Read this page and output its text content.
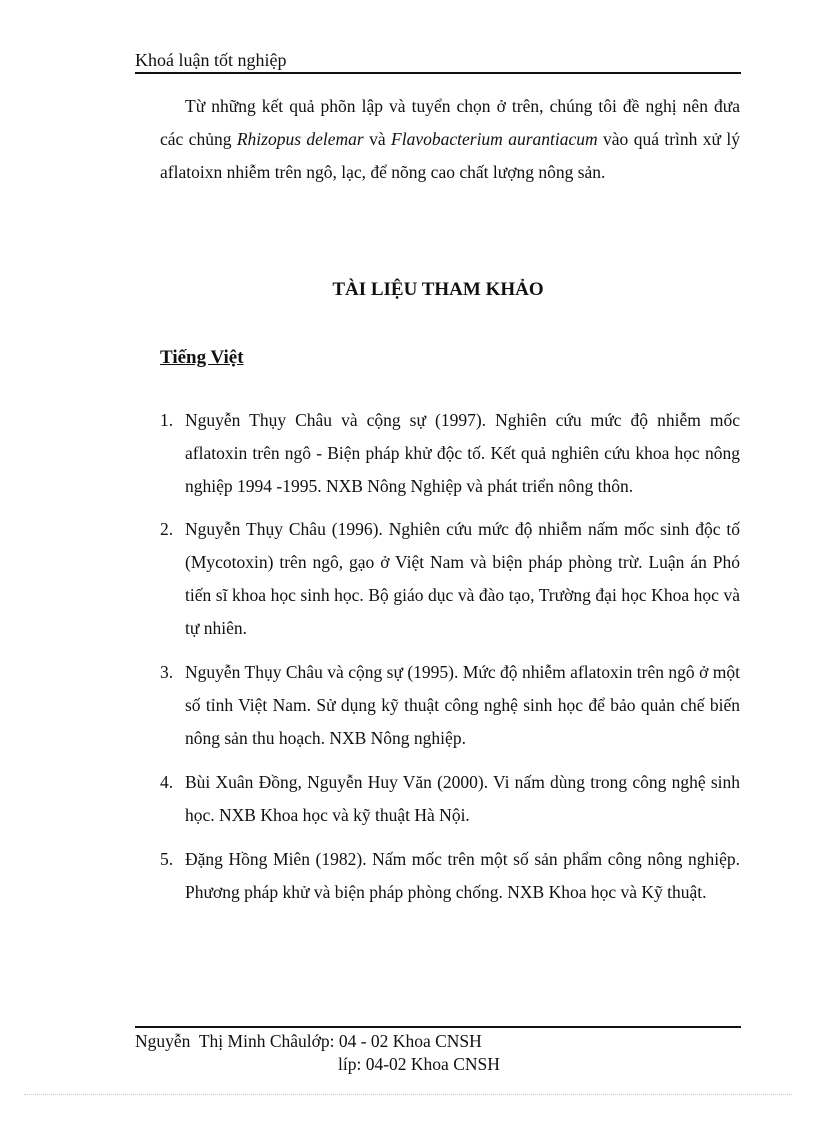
Khoá luận tốt nghiệp
Từ những kết quả phõn lập và tuyển chọn ở trên, chúng tôi đề nghị nên đưa các chủng Rhizopus delemar và Flavobacterium aurantiacum vào quá trình xử lý aflatoixn nhiễm trên ngô, lạc, để nõng cao chất lượng nông sản.
TÀI LIỆU THAM KHẢO
Tiếng Việt
1. Nguyễn Thụy Châu và cộng sự (1997). Nghiên cứu mức độ nhiễm mốc aflatoxin trên ngô - Biện pháp khử độc tố. Kết quả nghiên cứu khoa học nông nghiệp 1994 -1995. NXB Nông Nghiệp và phát triển nông thôn.
2. Nguyễn Thụy Châu (1996). Nghiên cứu mức độ nhiễm nấm mốc sinh độc tố (Mycotoxin) trên ngô, gạo ở Việt Nam và biện pháp phòng trừ. Luận án Phó tiến sĩ khoa học sinh học. Bộ giáo dục và đào tạo, Trường đại học Khoa học và tự nhiên.
3. Nguyễn Thụy Châu và cộng sự (1995). Mức độ nhiễm aflatoxin trên ngô ở một số tỉnh Việt Nam. Sử dụng kỹ thuật công nghệ sinh học để bảo quản chế biến nông sản thu hoạch. NXB Nông nghiệp.
4. Bùi Xuân Đồng, Nguyễn Huy Văn (2000). Vi nấm dùng trong công nghệ sinh học. NXB Khoa học và kỹ thuật Hà Nội.
5. Đặng Hồng Miên (1982). Nấm mốc trên một số sản phẩm công nông nghiệp. Phương pháp khử và biện pháp phòng chống. NXB Khoa học và Kỹ thuật.
Nguyễn  Thị Minh Châulớp: 04 - 02 Khoa CNSH
líp: 04-02 Khoa CNSH
